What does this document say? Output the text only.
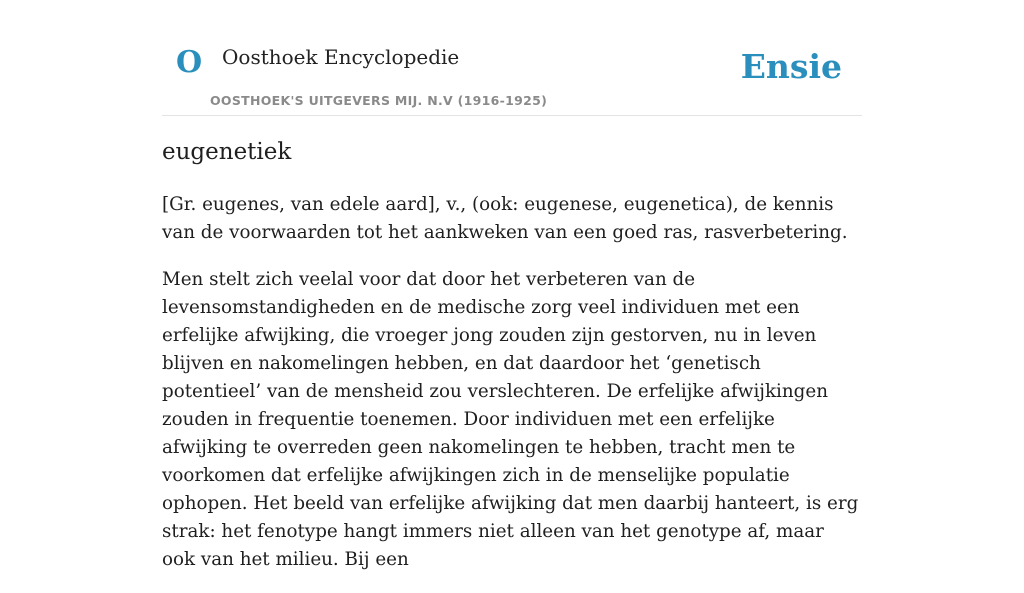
O Oosthoek Encyclopedie
OOSTHOEK'S UITGEVERS MIJ. N.V (1916-1925)
Ensie
eugenetiek

[Gr. eugenes, van edele aard], v., (ook: eugenese, eugenetica), de kennis van de voorwaarden tot het aankweken van een goed ras, rasverbetering.

Men stelt zich veelal voor dat door het verbeteren van de levensomstandigheden en de medische zorg veel individuen met een erfelijke afwijking, die vroeger jong zouden zijn gestorven, nu in leven blijven en nakomelingen hebben, en dat daardoor het ‘genetisch potentieel’ van de mensheid zou verslechteren. De erfelijke afwijkingen zouden in frequentie toenemen. Door individuen met een erfelijke afwijking te overreden geen nakomelingen te hebben, tracht men te voorkomen dat erfelijke afwijkingen zich in de menselijke populatie ophopen. Het beeld van erfelijke afwijking dat men daarbij hanteert, is erg strak: het fenotype hangt immers niet alleen van het genotype af, maar ook van het milieu. Bij een
